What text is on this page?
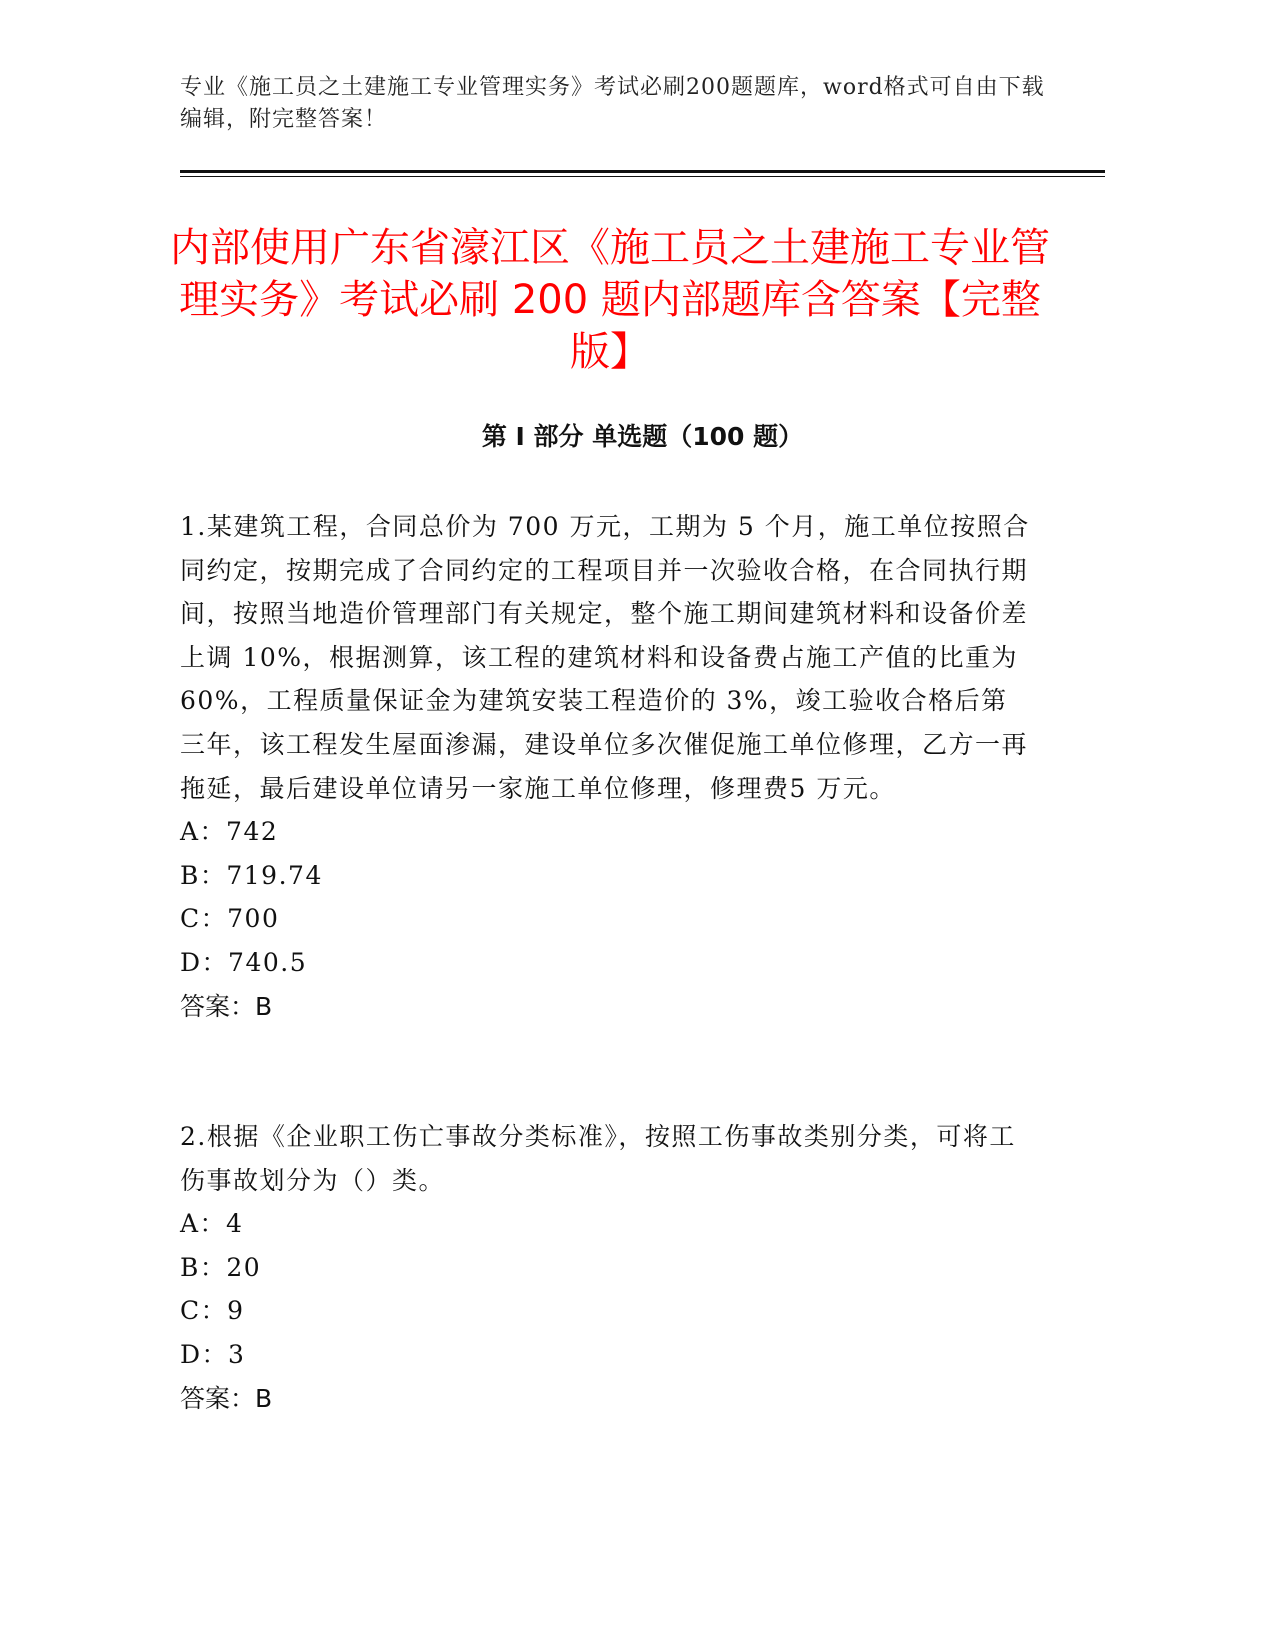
专业《施工员之土建施工专业管理实务》考试必刷200题题库，word格式可自由下载编辑，附完整答案！
内部使用广东省濠江区《施工员之土建施工专业管理实务》考试必刷 200 题内部题库含答案【完整版】
第 I 部分 单选题（100 题）

1.某建筑工程，合同总价为 700 万元，工期为 5 个月，施工单位按照合同约定，按期完成了合同约定的工程项目并一次验收合格，在合同执行期间，按照当地造价管理部门有关规定，整个施工期间建筑材料和设备价差上调 10%，根据测算，该工程的建筑材料和设备费占施工产值的比重为 60%，工程质量保证金为建筑安装工程造价的 3%，竣工验收合格后第三年，该工程发生屋面渗漏，建设单位多次催促施工单位修理，乙方一再拖延，最后建设单位请另一家施工单位修理，修理费5 万元。

A：742

B：719.74

C：700

D：740.5

答案：B

2.根据《企业职工伤亡事故分类标准》，按照工伤事故类别分类，可将工伤事故划分为（）类。

A：4

B：20

C：9

D：3

答案：B
